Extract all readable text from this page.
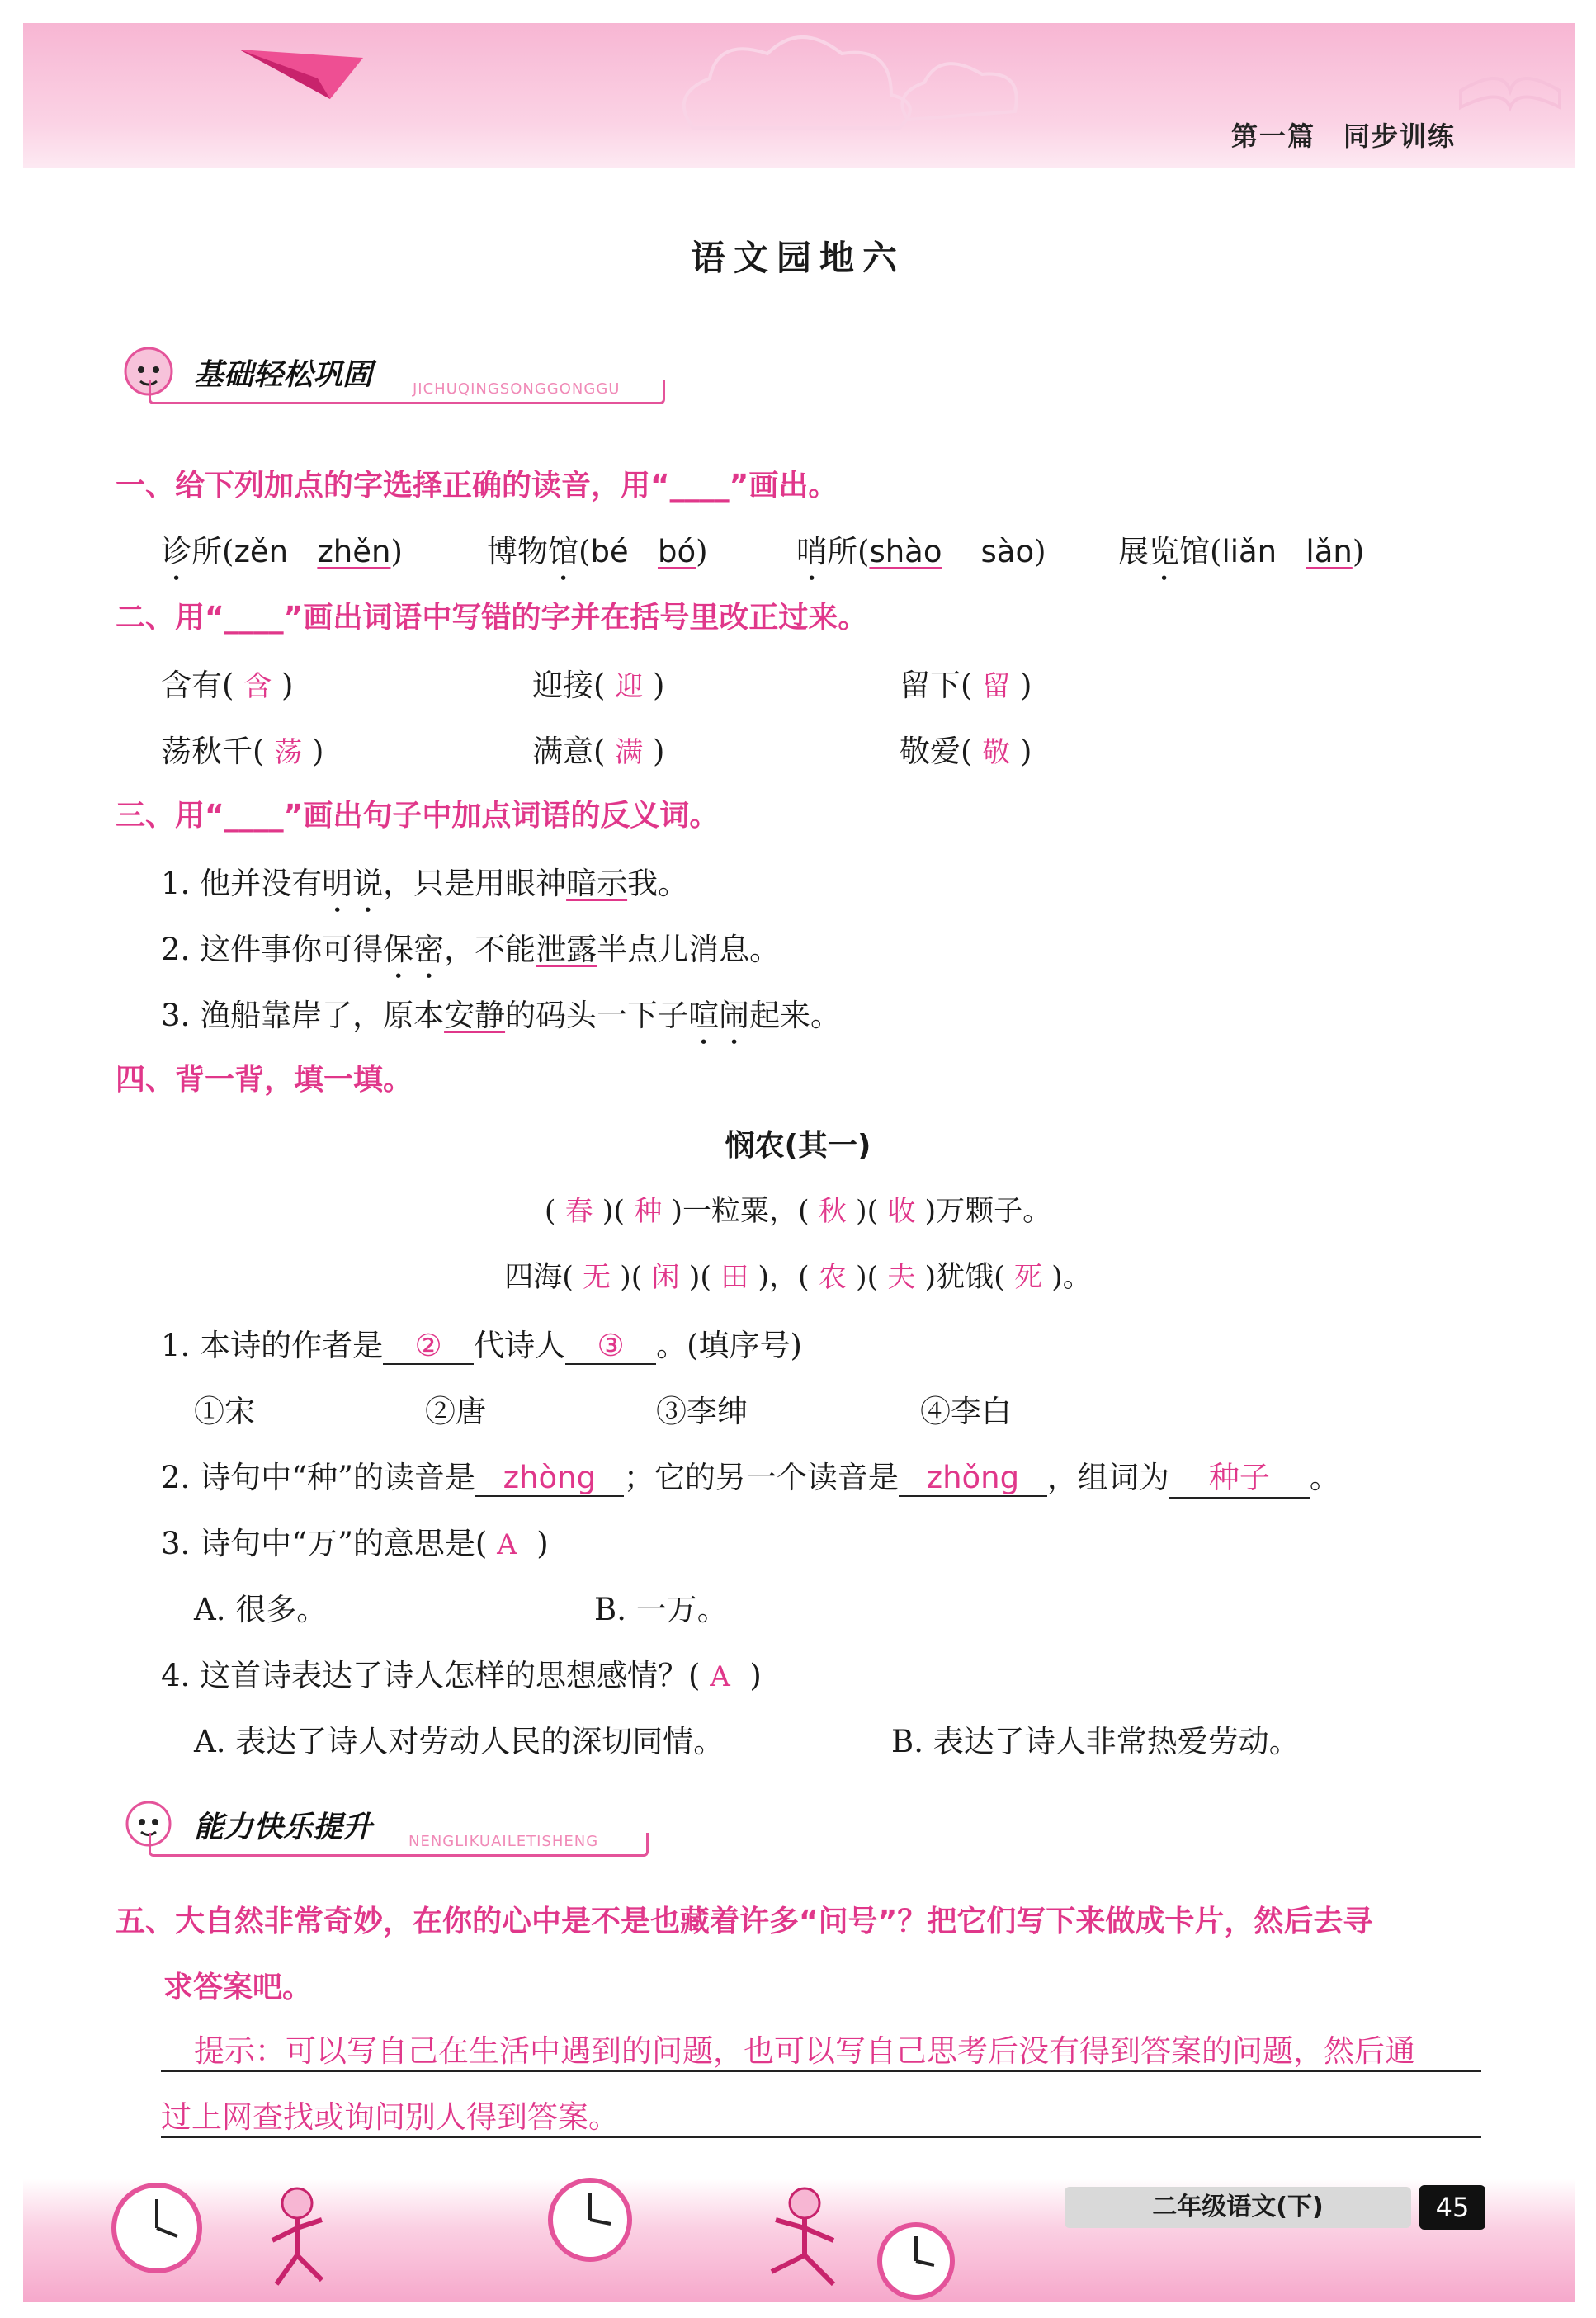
第一篇　同步训练
语文园地六
基础轻松巩固	JICHUQINGSONGGONGGU
一、给下列加点的字选择正确的读音，用“____”画出。
诊所(zěn zhěn)	博物馆(bé bó)	哨所(shào sào) 展览馆(liǎn lǎn)
二、用“____”画出词语中写错的字并在括号里改正过来。
含有( 含 )	迎接( 迎 )	留下( 留 )
荡秋千( 荡 )	满意( 满 )	敬爱( 敬 )
三、用“____”画出句子中加点词语的反义词。
1. 他并没有明说，只是用眼神暗示我。
2. 这件事你可得保密，不能泄露半点儿消息。
3. 渔船靠岸了，原本安静的码头一下子喧闹起来。
四、背一背，填一填。
悯农(其一)
( 春 )( 种 )一粒粟，( 秋 )( 收 )万颗子。
四海( 无 )( 闲 )( 田 )，( 农 )( 夫 )犹饿( 死 )。
1. 本诗的作者是 ② 代诗人 ③ 。(填序号)
①宋	②唐	③李绅	④李白
2. 诗句中“种”的读音是 zhòng ；它的另一个读音是 zhǒng ，组词为 种子 。
3. 诗句中“万”的意思是( A )
A. 很多。	B. 一万。
4. 这首诗表达了诗人怎样的思想感情？( A )
A. 表达了诗人对劳动人民的深切同情。	B. 表达了诗人非常热爱劳动。
能力快乐提升 NENGLIKUAILETISHENG
五、大自然非常奇妙，在你的心中是不是也藏着许多“问号”？把它们写下来做成卡片，然后去寻
求答案吧。
提示：可以写自己在生活中遇到的问题，也可以写自己思考后没有得到答案的问题，然后通
过上网查找或询问别人得到答案。
二年级语文(下)	45
